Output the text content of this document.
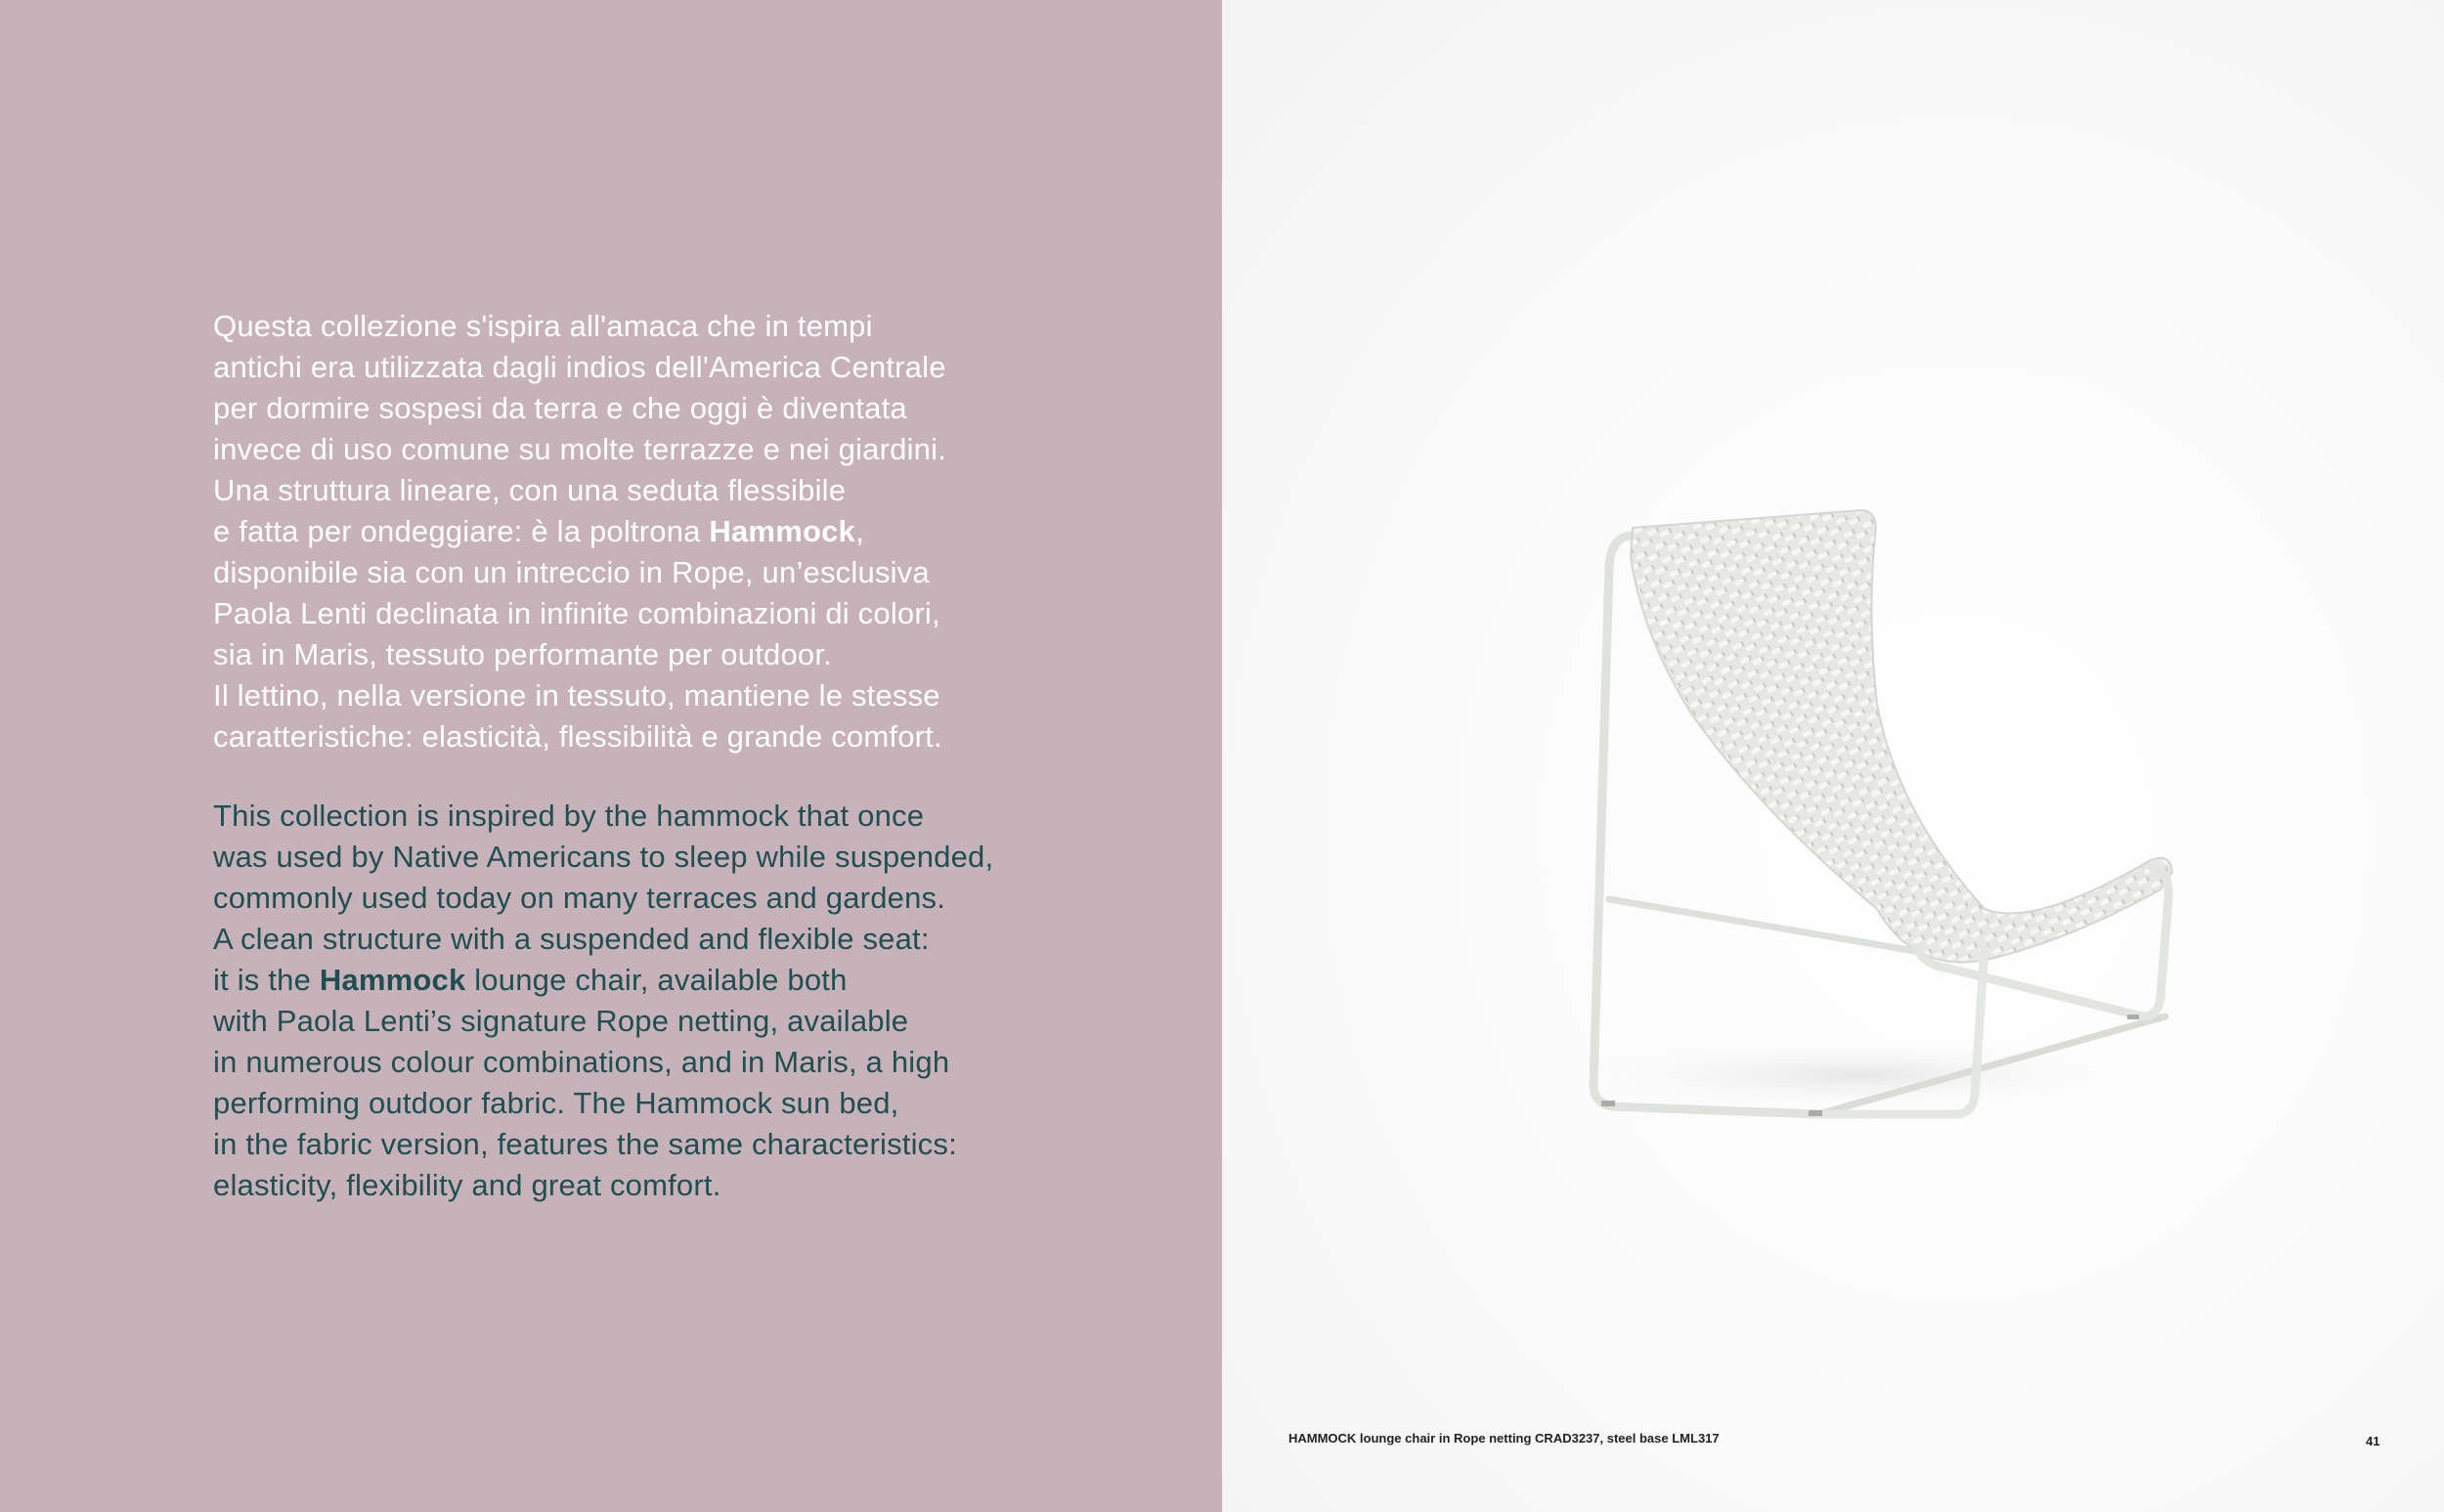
Questa collezione s'ispira all'amaca che in tempi
antichi era utilizzata dagli indios dell'America Centrale
per dormire sospesi da terra e che oggi è diventata
invece di uso comune su molte terrazze e nei giardini.
Una struttura lineare, con una seduta flessibile
e fatta per ondeggiare: è la poltrona Hammock,
disponibile sia con un intreccio in Rope, un’esclusiva
Paola Lenti declinata in infinite combinazioni di colori,
sia in Maris, tessuto performante per outdoor.
Il lettino, nella versione in tessuto, mantiene le stesse
caratteristiche: elasticità, flessibilità e grande comfort.

This collection is inspired by the hammock that once
was used by Native Americans to sleep while suspended,
commonly used today on many terraces and gardens.
A clean structure with a suspended and flexible seat:
it is the Hammock lounge chair, available both
with Paola Lenti’s signature Rope netting, available
in numerous colour combinations, and in Maris, a high
performing outdoor fabric. The Hammock sun bed,
in the fabric version, features the same characteristics:
elasticity, flexibility and great comfort.

HAMMOCK lounge chair in Rope netting CRAD3237, steel base LML317	41
